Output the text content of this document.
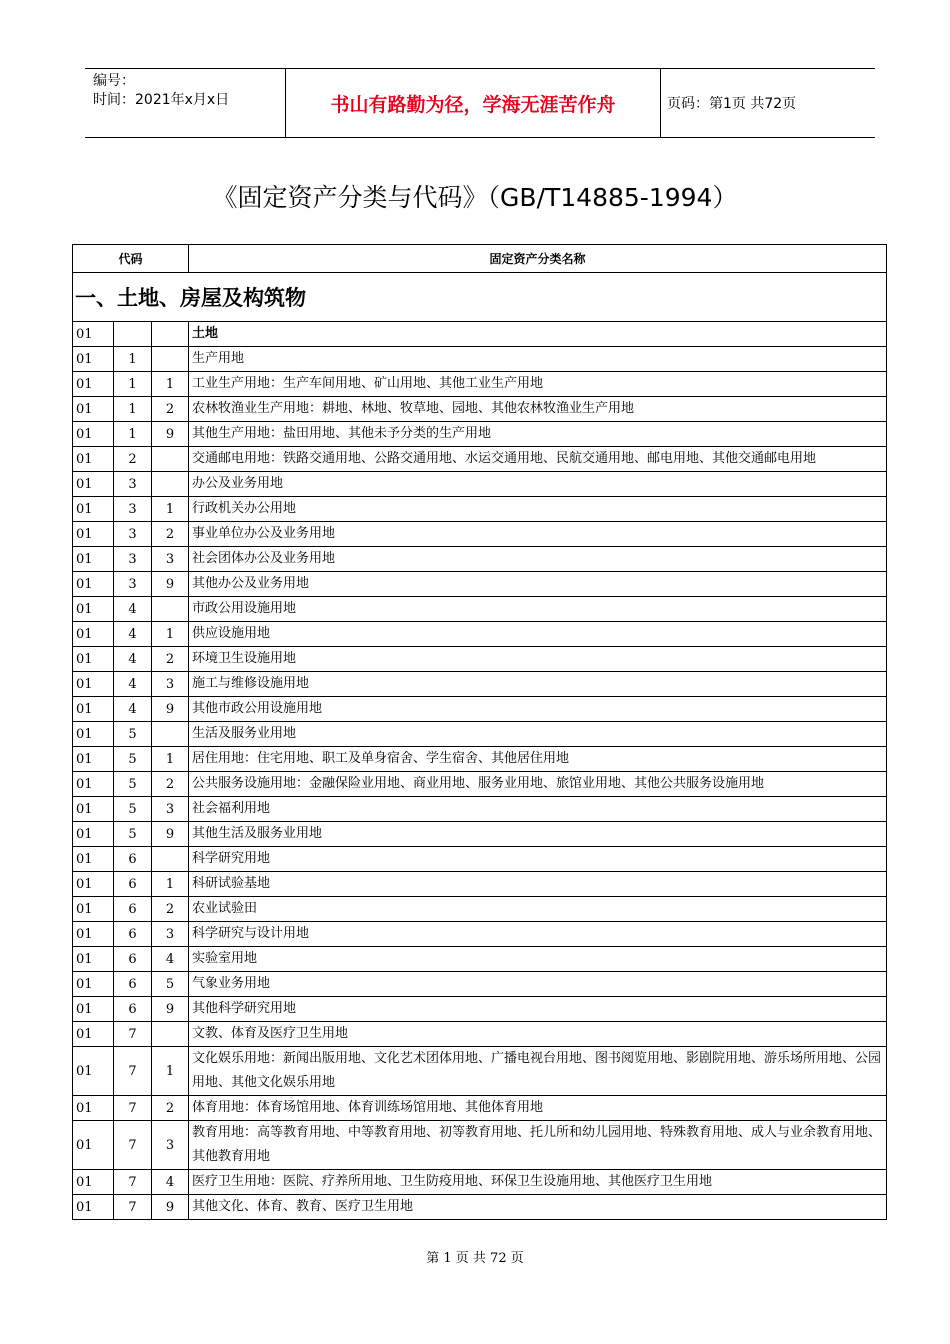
编号：
时间：2021年x月x日	书山有路勤为径，学海无涯苦作舟	页码：第1页 共72页
《固定资产分类与代码》（GB/T14885-1994）
代码			固定资产分类名称
一、土地、房屋及构筑物			
01			土地
01	1		生产用地
01	1	1	工业生产用地：生产车间用地、矿山用地、其他工业生产用地
01	1	2	农林牧渔业生产用地：耕地、林地、牧草地、园地、其他农林牧渔业生产用地
01	1	9	其他生产用地：盐田用地、其他未予分类的生产用地
01	2		交通邮电用地：铁路交通用地、公路交通用地、水运交通用地、民航交通用地、邮电用地、其他交通邮电用地
01	3		办公及业务用地
01	3	1	行政机关办公用地
01	3	2	事业单位办公及业务用地
01	3	3	社会团体办公及业务用地
01	3	9	其他办公及业务用地
01	4		市政公用设施用地
01	4	1	供应设施用地
01	4	2	环境卫生设施用地
01	4	3	施工与维修设施用地
01	4	9	其他市政公用设施用地
01	5		生活及服务业用地
01	5	1	居住用地：住宅用地、职工及单身宿舍、学生宿舍、其他居住用地
01	5	2	公共服务设施用地：金融保险业用地、商业用地、服务业用地、旅馆业用地、其他公共服务设施用地
01	5	3	社会福利用地
01	5	9	其他生活及服务业用地
01	6		科学研究用地
01	6	1	科研试验基地
01	6	2	农业试验田
01	6	3	科学研究与设计用地
01	6	4	实验室用地
01	6	5	气象业务用地
01	6	9	其他科学研究用地
01	7		文教、体育及医疗卫生用地
01	7	1	文化娱乐用地：新闻出版用地、文化艺术团体用地、广播电视台用地、图书阅览用地、影剧院用地、游乐场所用地、公园用地、其他文化娱乐用地
01	7	2	体育用地：体育场馆用地、体育训练场馆用地、其他体育用地
01	7	3	教育用地：高等教育用地、中等教育用地、初等教育用地、托儿所和幼儿园用地、特殊教育用地、成人与业余教育用地、其他教育用地
01	7	4	医疗卫生用地：医院、疗养所用地、卫生防疫用地、环保卫生设施用地、其他医疗卫生用地
01	7	9	其他文化、体育、教育、医疗卫生用地
第 1 页 共 72 页
